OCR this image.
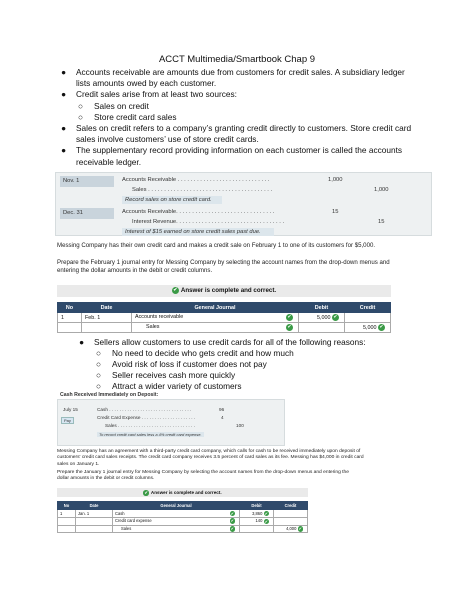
ACCT Multimedia/Smartbook Chap 9
● Accounts receivable are amounts due from customers for credit sales. A subsidiary ledger lists amounts owed by each customer.
● Credit sales arise from at least two sources:
○ Sales on credit
○ Store credit card sales
● Sales on credit refers to a company’s granting credit directly to customers. Store credit card sales involve customers’ use of store credit cards.
● The supplementary record providing information on each customer is called the accounts receivable ledger.
Nov. 1	Accounts Receivable . . . . . . . . . . . . . . . . . . . . . . . . . . . . .	1,000
Sales . . . . . . . . . . . . . . . . . . . . . . . . . . . . . . . . . . . . . . .	1,000
Record sales on store credit card.
Dec. 31	Accounts Receivable. . . . . . . . . . . . . . . . . . . . . . . . . . . . . . .	15
Interest Revenue. . . . . . . . . . . . . . . . . . . . . . . . . . . . . . . . . .	15
Interest of $15 earned on store credit sales past due.
Messing Company has their own credit card and makes a credit sale on February 1 to one of its customers for $5,000.
Prepare the February 1 journal entry for Messing Company by selecting the account names from the drop-down menus and entering the dollar amounts in the debit or credit columns.
✔ Answer is complete and correct.
No	Date	General Journal	Debit	Credit
1	Feb. 1	Accounts receivable ✔	5,000 ✔	
		Sales ✔		5,000 ✔
● Sellers allow customers to use credit cards for all of the following reasons:
○ No need to decide who gets credit and how much
○ Avoid risk of loss if customer does not pay
○ Seller receives cash more quickly
○ Attract a wider variety of customers
Cash Received Immediately on Deposit:
July 15
Pay
Cash . . . . . . . . . . . . . . . . . . . . . . . . . . . . . . . .	96
Credit Card Expense . . . . . . . . . . . . . . . . . . . . .	4
Sales . . . . . . . . . . . . . . . . . . . . . . . . . . . . . .	100
To record credit card sales less a 4% credit card expense.
Messing Company has an agreement with a third-party credit card company, which calls for cash to be received immediately upon deposit of customers' credit card sales receipts. The credit card company receives 3.5 percent of card sales as its fee. Messing has $4,000 in credit card sales on January 1.
Prepare the January 1 journal entry for Messing Company by selecting the account names from the drop-down menus and entering the dollar amounts in the debit or credit columns.
✔ Answer is complete and correct.
No	Date	General Journal	Debit	Credit
1	Jan. 1	Cash ✔	3,860 ✔	
		Credit card expense ✔	140 ✔	
		Sales ✔		4,000 ✔
